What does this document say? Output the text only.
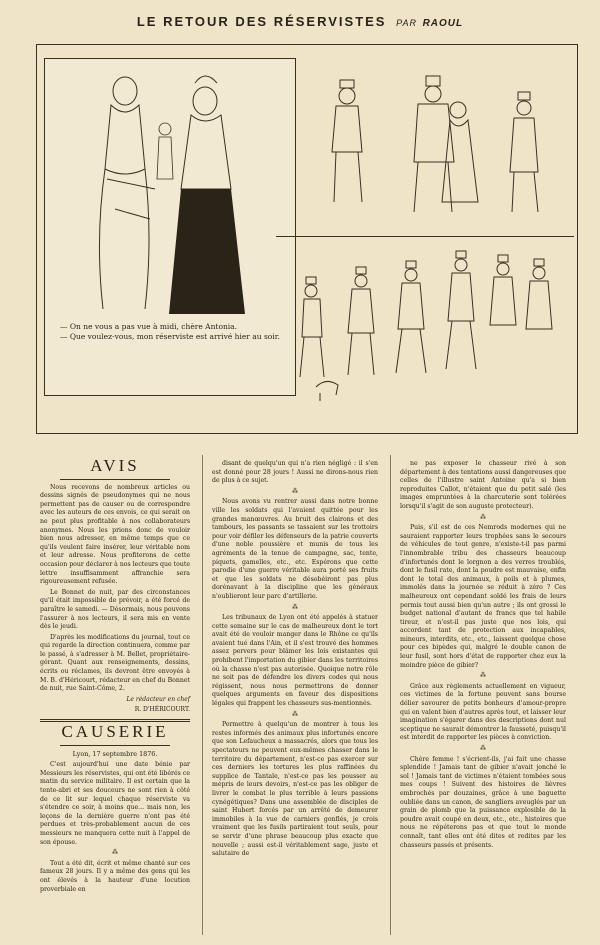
LE RETOUR DES RÉSERVISTES PAR RAOUL

— On ne vous a pas vue à midi, chère Antonia.

— Que voulez-vous, mon réserviste est arrivé hier au soir.

AVIS

Nous recevons de nombreux articles ou dessins signés de pseudonymes qui ne nous permettent pas de causer ou de correspondre avec les auteurs de ces envois, ce qui serait on ne peut plus profitable à nos collaborateurs anonymes. Nous les prions donc de vouloir bien nous adresser, en même temps que ce qu'ils veulent faire insérer, leur véritable nom et leur adresse. Nous profiterons de cette occasion pour déclarer à nos lecteurs que toute lettre insuffisamment affranchie sera rigoureusement refusée.

Le Bonnet de nuit, par des circonstances qu'il était impossible de prévoir, a été forcé de paraître le samedi. — Désormais, nous pouvons l'assurer à nos lecteurs, il sera mis en vente dès le jeudi.

D'après les modifications du journal, tout ce qui regarde la direction continuera, comme par le passé, à s'adresser à M. Bellet, propriétaire-gérant. Quant aux renseignements, dessins, écrits ou réclames, ils devront être envoyés à M. B. d'Héricourt, rédacteur en chef du Bonnet de nuit, rue Saint-Côme, 2.

Le rédacteur en chef
R. D'HÉRICOURT.
CAUSERIE
Lyon, 17 septembre 1876.

C'est aujourd'hui une date bénie par Messieurs les réservistes, qui ont été libérés ce matin du service militaire. Il est certain que la tente-abri et ses douceurs ne sont rien à côté de ce lit sur lequel chaque réserviste va s'étendre ce soir, à moins que... mais non, les leçons de la dernière guerre n'ont pas été perdues et très-probablement aucun de ces messieurs ne manquera cette nuit à l'appel de son épouse.

⁂

Tout a été dit, écrit et même chanté sur ces fameux 28 jours. Il y a même des gens qui les ont élevés à la hauteur d'une locution proverbiale en

disant de quelqu'un qui n'a rien négligé : il s'en est donné pour 28 jours ! Aussi ne dirons-nous rien de plus à ce sujet.

⁂

Nous avons vu rentrer aussi dans notre bonne ville les soldats qui l'avaient quittée pour les grandes manœuvres. Au bruit des clairons et des tambours, les passants se tassaient sur les trottoirs pour voir défiler les défenseurs de la patrie couverts d'une noble poussière et munis de tous les agréments de la tenue de campagne, sac, tente, piquets, gamelles, etc., etc. Espérons que cette parodie d'une guerre véritable aura porté ses fruits et que les soldats ne désobéiront pas plus dorénavant à la discipline que les généraux n'oublieront leur parc d'artillerie.

⁂

Les tribunaux de Lyon ont été appelés à statuer cette semaine sur le cas de malheureux dont le tort avait été de vouloir manger dans le Rhône ce qu'ils avaient tué dans l'Ain, et il s'est trouvé des hommes assez pervers pour blâmer les lois existantes qui prohibent l'importation du gibier dans les territoires où la chasse n'est pas autorisée. Quoique notre rôle ne soit pas de défendre les divers codes qui nous régissent, nous nous permettrons de donner quelques arguments en faveur des dispositions légales qui frappent les chasseurs sus-mentionnés.

⁂

Permettre à quelqu'un de montrer à tous les restes informés des animaux plus infortunés encore que son Lefaucheux a massacrés, alors que tous les spectateurs ne peuvent eux-mêmes chasser dans le territoire du département, n'est-ce pas exercer sur ces derniers les tortures les plus raffinées du supplice de Tantale, n'est-ce pas les pousser au mépris de leurs devoirs, n'est-ce pas les obliger de livrer le combat le plus terrible à leurs passions cynégétiques? Dans une assemblée de disciples de saint Hubert forcés par un arrêté de demeurer immobiles à la vue de carniers gonflés, je crois vraiment que les fusils partiraient tout seuls, pour se servir d'une phrase beaucoup plus exacte que nouvelle ; aussi est-il véritablement sage, juste et salutaire de

ne pas exposer le chasseur rivé à son département à des tentations aussi dangereuses que celles de l'illustre saint Antoine qu'a si bien reproduites Callot, n'étaient que du petit salé (les images empruntées à la charcuterie sont tolérées lorsqu'il s'agit de son auguste protecteur).

⁂

Puis, s'il est de ces Nemrods modernes qui ne sauraient rapporter leurs trophées sans le secours de véhicules de tout genre, n'existe-t-il pas parmi l'innombrable tribu des chasseurs beaucoup d'infortunés dont le lorgnon a des verres troublés, dont le fusil rate, dont la poudre est mauvaise, enfin dont le total des animaux, à poils et à plumes, immolés dans la journée se réduit à zéro ? Ces malheureux ont cependant soldé les frais de leurs permis tout aussi bien qu'un autre ; ils ont grossi le budget national d'autant de francs que tel habile tireur, et n'est-il pas juste que nos lois, qui accordent tant de protection aux incapables, mineurs, interdits, etc., etc., laissent quelque chose pour ces bipèdes qui, malgré le double canon de leur fusil, sont hors d'état de rapporter chez eux la moindre pièce de gibier?

⁂

Grâce aux règlements actuellement en vigueur, ces victimes de la fortune peuvent sans bourse délier savourer de petits bonheurs d'amour-propre qui en valent bien d'autres après tout, et laisser leur imagination s'égarer dans des descriptions dont nul sceptique ne saurait démontrer la fausseté, puisqu'il est interdit de rapporter les pièces à conviction.

⁂

Chère femme ! s'écrient-ils, j'ai fait une chasse splendide ! Jamais tant de gibier n'avait jonché le sol ! Jamais tant de victimes n'étaient tombées sous mes coups ! Suivent des histoires de lièvres embrochés par douzaines, grâce à une baguette oubliée dans un canon, de sangliers aveuglés par un grain de plomb que la puissance explosible de la poudre avait coupé en deux, etc., etc., histoires que nous ne répéterons pas et que tout le monde connaît, tant elles ont été dites et redites par les chasseurs passés et présents.
